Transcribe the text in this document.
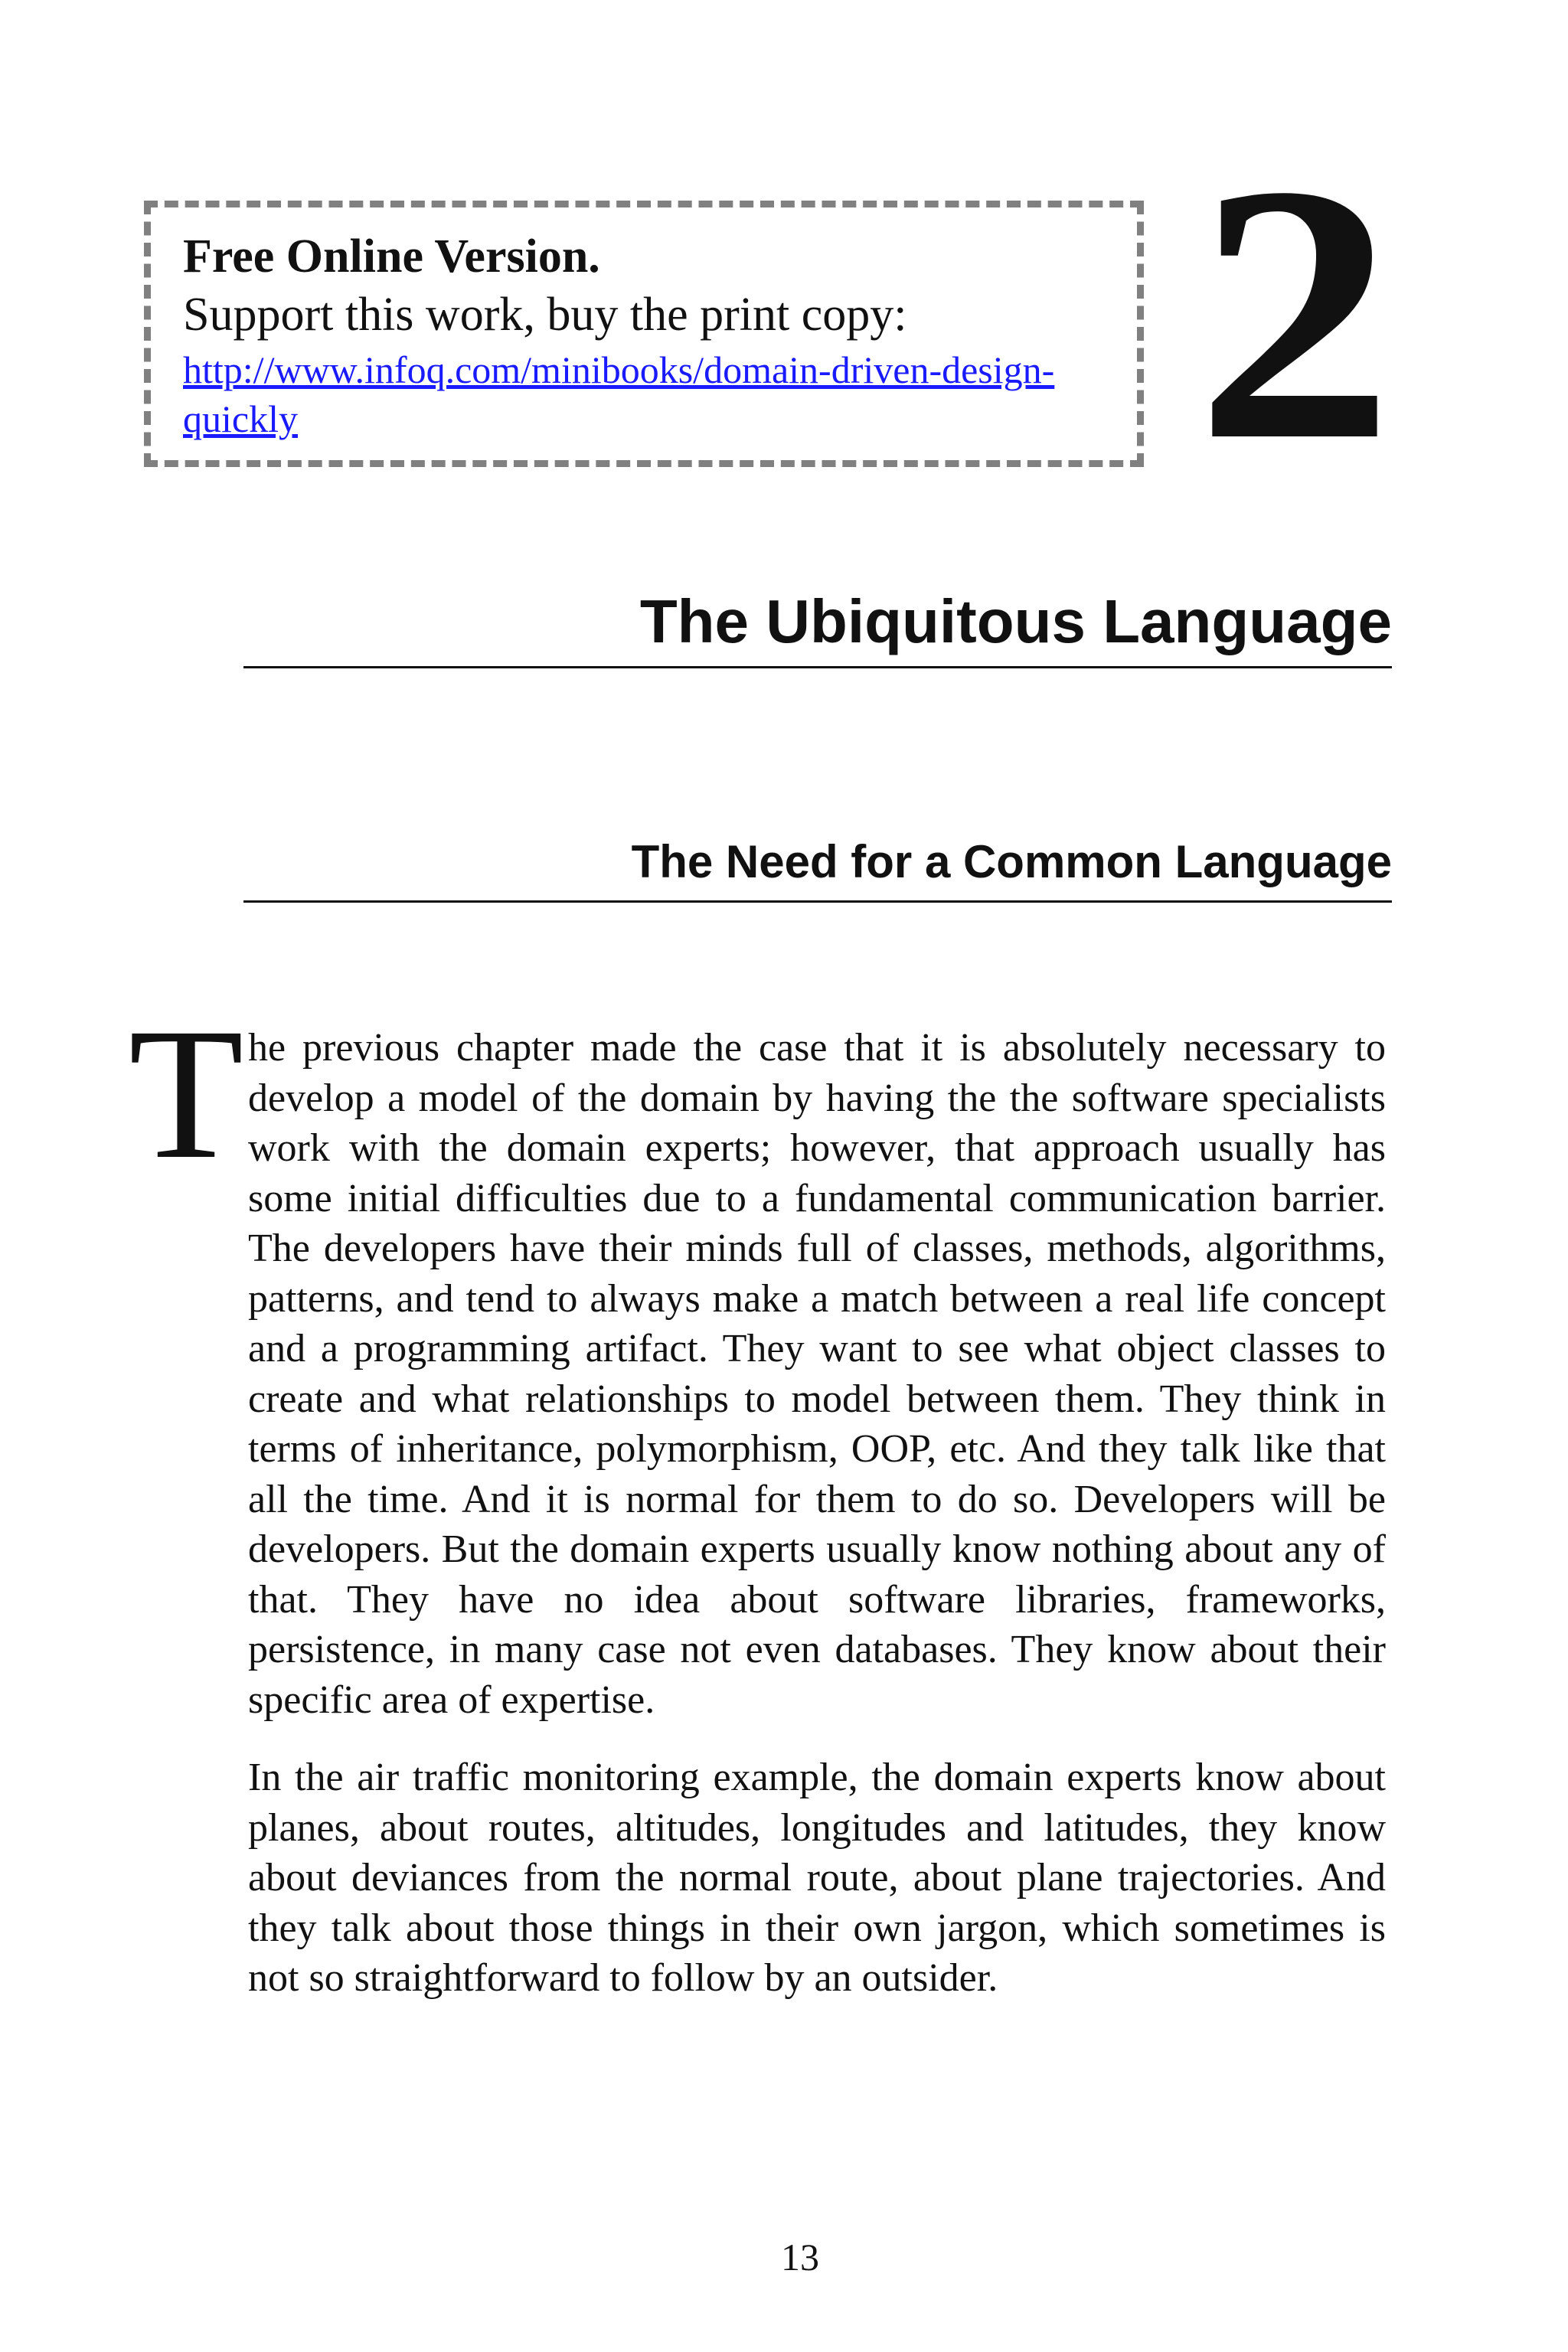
Free Online Version.

Support this work, buy the print copy:

http://www.infoq.com/minibooks/domain-driven-design-quickly	2
The Ubiquitous Language
The Need for a Common Language
T he previous chapter made the case that it is absolutely necessary to develop a model of the domain by having the the software specialists work with the domain experts; however, that approach usually has some initial difficulties due to a fundamental communication barrier. The developers have their minds full of classes, methods, algorithms, patterns, and tend to always make a match between a real life concept and a programming artifact. They want to see what object classes to create and what relationships to model between them. They think in terms of inheritance, polymorphism, OOP, etc. And they talk like that all the time. And it is normal for them to do so. Developers will be developers. But the domain experts usually know nothing about any of that. They have no idea about software libraries, frameworks, persistence, in many case not even databases. They know about their specific area of expertise.

In the air traffic monitoring example, the domain experts know about planes, about routes, altitudes, longitudes and latitudes, they know about deviances from the normal route, about plane trajectories. And they talk about those things in their own jargon, which sometimes is not so straightforward to follow by an outsider.

13
